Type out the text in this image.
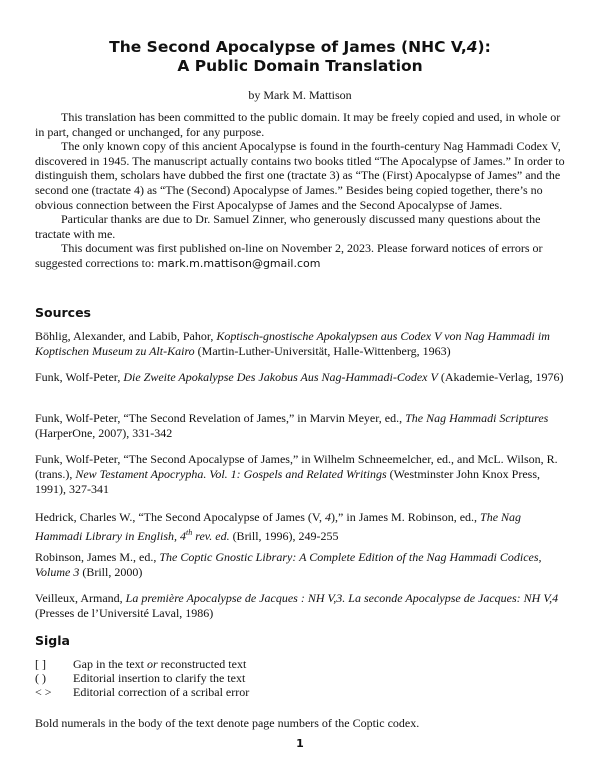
The Second Apocalypse of James (NHC V,4):
A Public Domain Translation
by Mark M. Mattison

This translation has been committed to the public domain. It may be freely copied and used, in whole or in part, changed or unchanged, for any purpose.

The only known copy of this ancient Apocalypse is found in the fourth-century Nag Hammadi Codex V, discovered in 1945. The manuscript actually contains two books titled “The Apocalypse of James.” In order to distinguish them, scholars have dubbed the first one (tractate 3) as “The (First) Apocalypse of James” and the second one (tractate 4) as “The (Second) Apocalypse of James.” Besides being copied together, there’s no obvious connection between the First Apocalypse of James and the Second Apocalypse of James.

Particular thanks are due to Dr. Samuel Zinner, who generously discussed many questions about the tractate with me.

This document was first published on-line on November 2, 2023. Please forward notices of errors or suggested corrections to: mark.m.mattison@gmail.com

Sources
Böhlig, Alexander, and Labib, Pahor, Koptisch-gnostische Apokalypsen aus Codex V von Nag Hammadi im Koptischen Museum zu Alt-Kairo (Martin-Luther-Universität, Halle-Wittenberg, 1963)
Funk, Wolf-Peter, Die Zweite Apokalypse Des Jakobus Aus Nag-Hammadi-Codex V (Akademie-Verlag, 1976)
Funk, Wolf-Peter, “The Second Revelation of James,” in Marvin Meyer, ed., The Nag Hammadi Scriptures (HarperOne, 2007), 331-342
Funk, Wolf-Peter, “The Second Apocalypse of James,” in Wilhelm Schneemelcher, ed., and McL. Wilson, R. (trans.), New Testament Apocrypha. Vol. 1: Gospels and Related Writings (Westminster John Knox Press, 1991), 327-341
Hedrick, Charles W., “The Second Apocalypse of James (V, 4),” in James M. Robinson, ed., The Nag Hammadi Library in English, 4th rev. ed. (Brill, 1996), 249-255
Robinson, James M., ed., The Coptic Gnostic Library: A Complete Edition of the Nag Hammadi Codices, Volume 3 (Brill, 2000)
Veilleux, Armand, La première Apocalypse de Jacques : NH V,3. La seconde Apocalypse de Jacques: NH V,4 (Presses de l’Université Laval, 1986)
Sigla
[ ] Gap in the text or reconstructed text
( ) Editorial insertion to clarify the text
< > Editorial correction of a scribal error
Bold numerals in the body of the text denote page numbers of the Coptic codex.
1
